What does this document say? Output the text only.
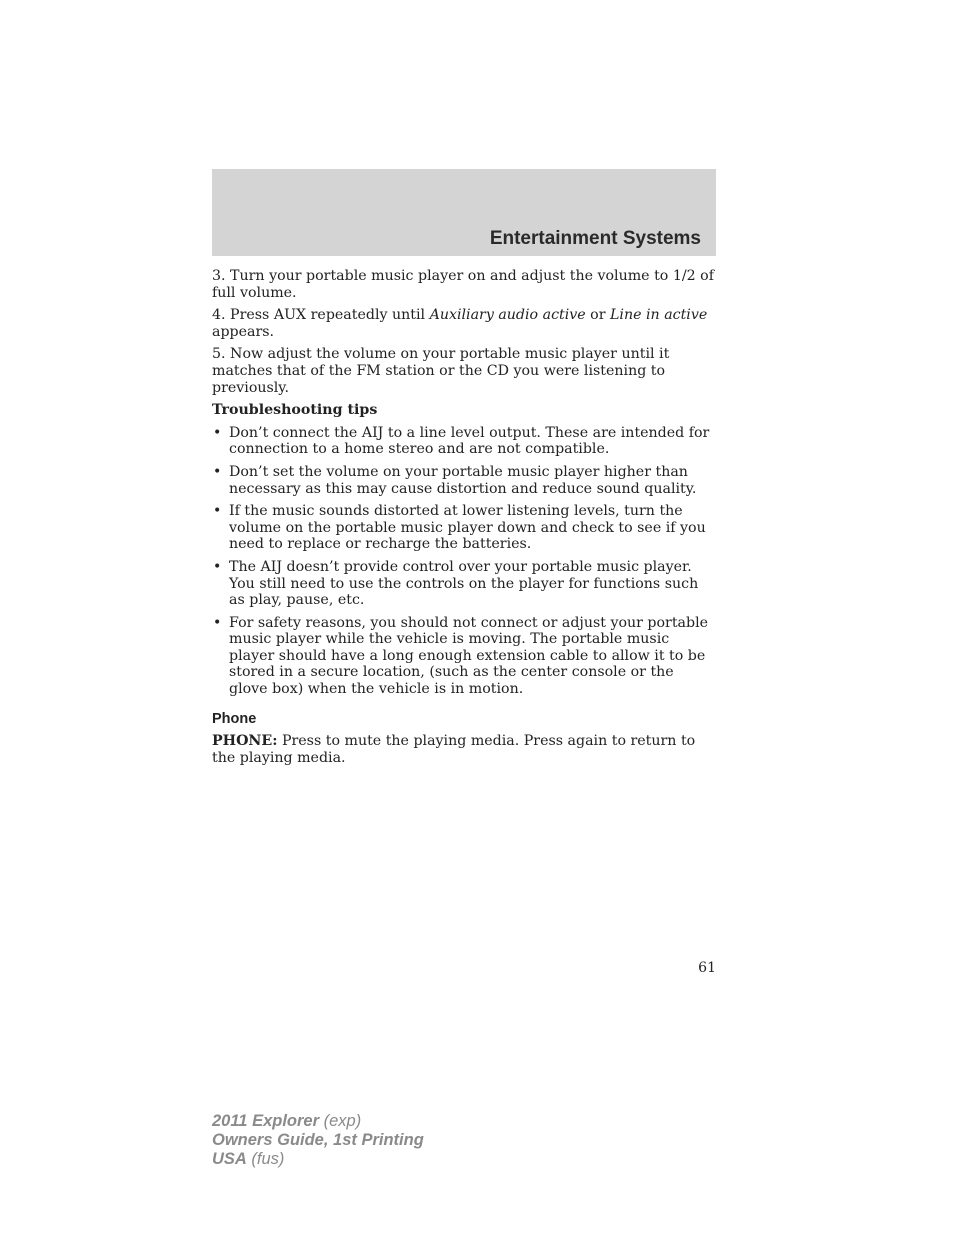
Entertainment Systems

3. Turn your portable music player on and adjust the volume to 1/2 of full volume.

4. Press AUX repeatedly until Auxiliary audio active or Line in active appears.

5. Now adjust the volume on your portable music player until it matches that of the FM station or the CD you were listening to previously.

Troubleshooting tips
• Don’t connect the AIJ to a line level output. These are intended for connection to a home stereo and are not compatible.
• Don’t set the volume on your portable music player higher than necessary as this may cause distortion and reduce sound quality.
• If the music sounds distorted at lower listening levels, turn the volume on the portable music player down and check to see if you need to replace or recharge the batteries.
• The AIJ doesn’t provide control over your portable music player. You still need to use the controls on the player for functions such as play, pause, etc.
• For safety reasons, you should not connect or adjust your portable music player while the vehicle is moving. The portable music player should have a long enough extension cable to allow it to be stored in a secure location, (such as the center console or the glove box) when the vehicle is in motion.
Phone

PHONE: Press to mute the playing media. Press again to return to the playing media.

61
2011 Explorer (exp)
Owners Guide, 1st Printing
USA (fus)
